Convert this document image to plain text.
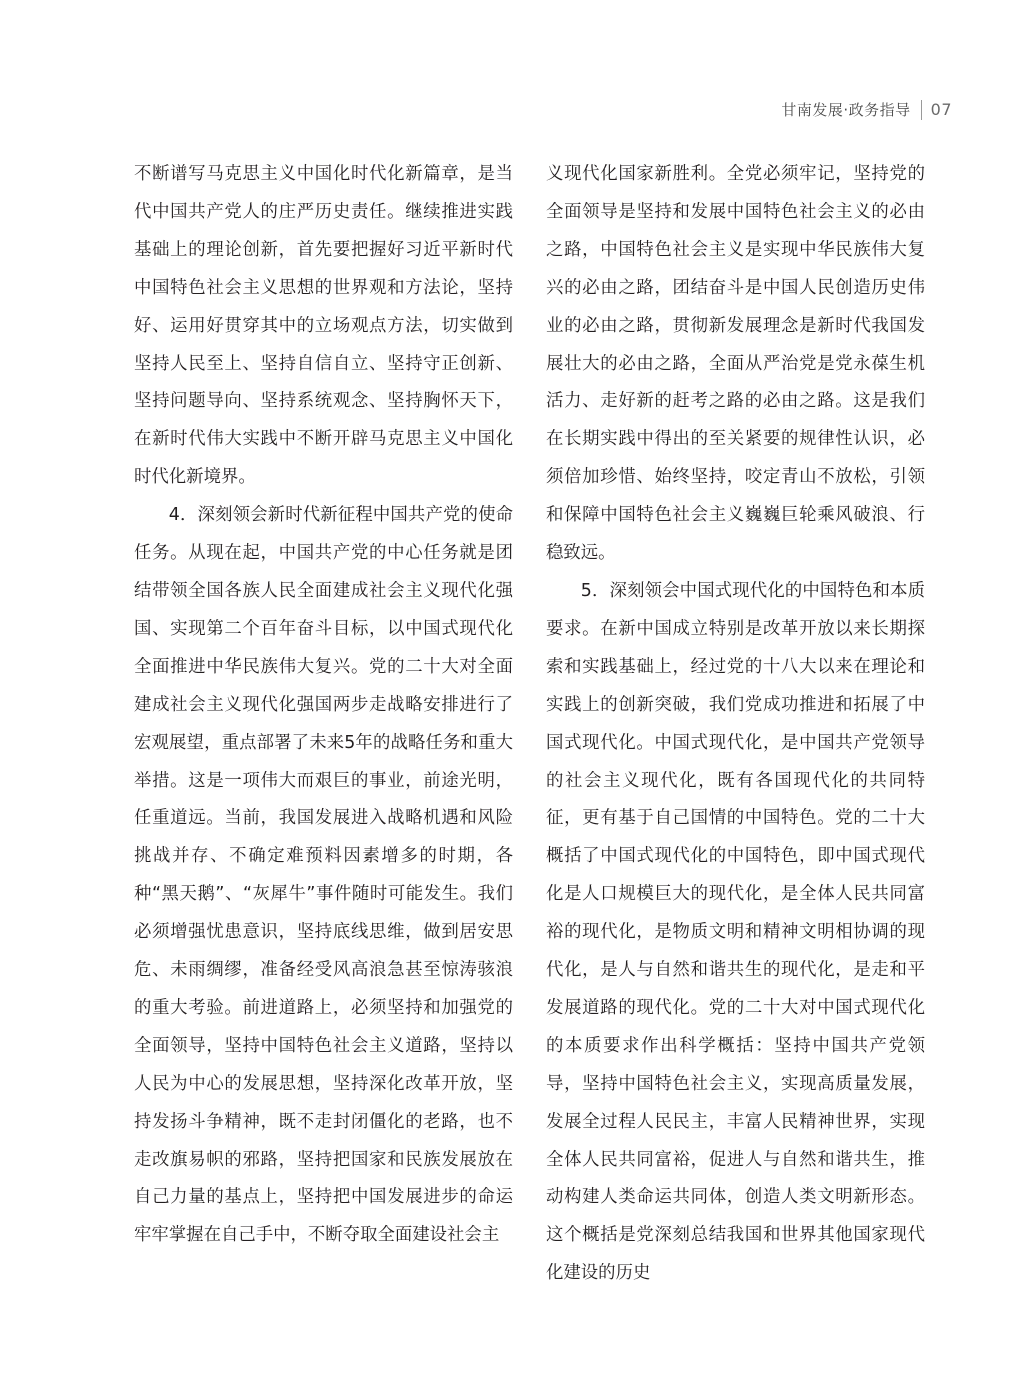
甘南发展·政务指导 07

不断谱写马克思主义中国化时代化新篇章，是当代中国共产党人的庄严历史责任。继续推进实践基础上的理论创新，首先要把握好习近平新时代中国特色社会主义思想的世界观和方法论，坚持好、运用好贯穿其中的立场观点方法，切实做到坚持人民至上、坚持自信自立、坚持守正创新、坚持问题导向、坚持系统观念、坚持胸怀天下，在新时代伟大实践中不断开辟马克思主义中国化时代化新境界。

4．深刻领会新时代新征程中国共产党的使命任务。从现在起，中国共产党的中心任务就是团结带领全国各族人民全面建成社会主义现代化强国、实现第二个百年奋斗目标，以中国式现代化全面推进中华民族伟大复兴。党的二十大对全面建成社会主义现代化强国两步走战略安排进行了宏观展望，重点部署了未来5年的战略任务和重大举措。这是一项伟大而艰巨的事业，前途光明，任重道远。当前，我国发展进入战略机遇和风险挑战并存、不确定难预料因素增多的时期，各种“黑天鹅”、“灰犀牛”事件随时可能发生。我们必须增强忧患意识，坚持底线思维，做到居安思危、未雨绸缪，准备经受风高浪急甚至惊涛骇浪的重大考验。前进道路上，必须坚持和加强党的全面领导，坚持中国特色社会主义道路，坚持以人民为中心的发展思想，坚持深化改革开放，坚持发扬斗争精神，既不走封闭僵化的老路，也不走改旗易帜的邪路，坚持把国家和民族发展放在自己力量的基点上，坚持把中国发展进步的命运牢牢掌握在自己手中，不断夺取全面建设社会主

义现代化国家新胜利。全党必须牢记，坚持党的全面领导是坚持和发展中国特色社会主义的必由之路，中国特色社会主义是实现中华民族伟大复兴的必由之路，团结奋斗是中国人民创造历史伟业的必由之路，贯彻新发展理念是新时代我国发展壮大的必由之路，全面从严治党是党永葆生机活力、走好新的赶考之路的必由之路。这是我们在长期实践中得出的至关紧要的规律性认识，必须倍加珍惜、始终坚持，咬定青山不放松，引领和保障中国特色社会主义巍巍巨轮乘风破浪、行稳致远。

5．深刻领会中国式现代化的中国特色和本质要求。在新中国成立特别是改革开放以来长期探索和实践基础上，经过党的十八大以来在理论和实践上的创新突破，我们党成功推进和拓展了中国式现代化。中国式现代化，是中国共产党领导的社会主义现代化，既有各国现代化的共同特征，更有基于自己国情的中国特色。党的二十大概括了中国式现代化的中国特色，即中国式现代化是人口规模巨大的现代化，是全体人民共同富裕的现代化，是物质文明和精神文明相协调的现代化，是人与自然和谐共生的现代化，是走和平发展道路的现代化。党的二十大对中国式现代化的本质要求作出科学概括：坚持中国共产党领导，坚持中国特色社会主义，实现高质量发展，发展全过程人民民主，丰富人民精神世界，实现全体人民共同富裕，促进人与自然和谐共生，推动构建人类命运共同体，创造人类文明新形态。这个概括是党深刻总结我国和世界其他国家现代化建设的历史
